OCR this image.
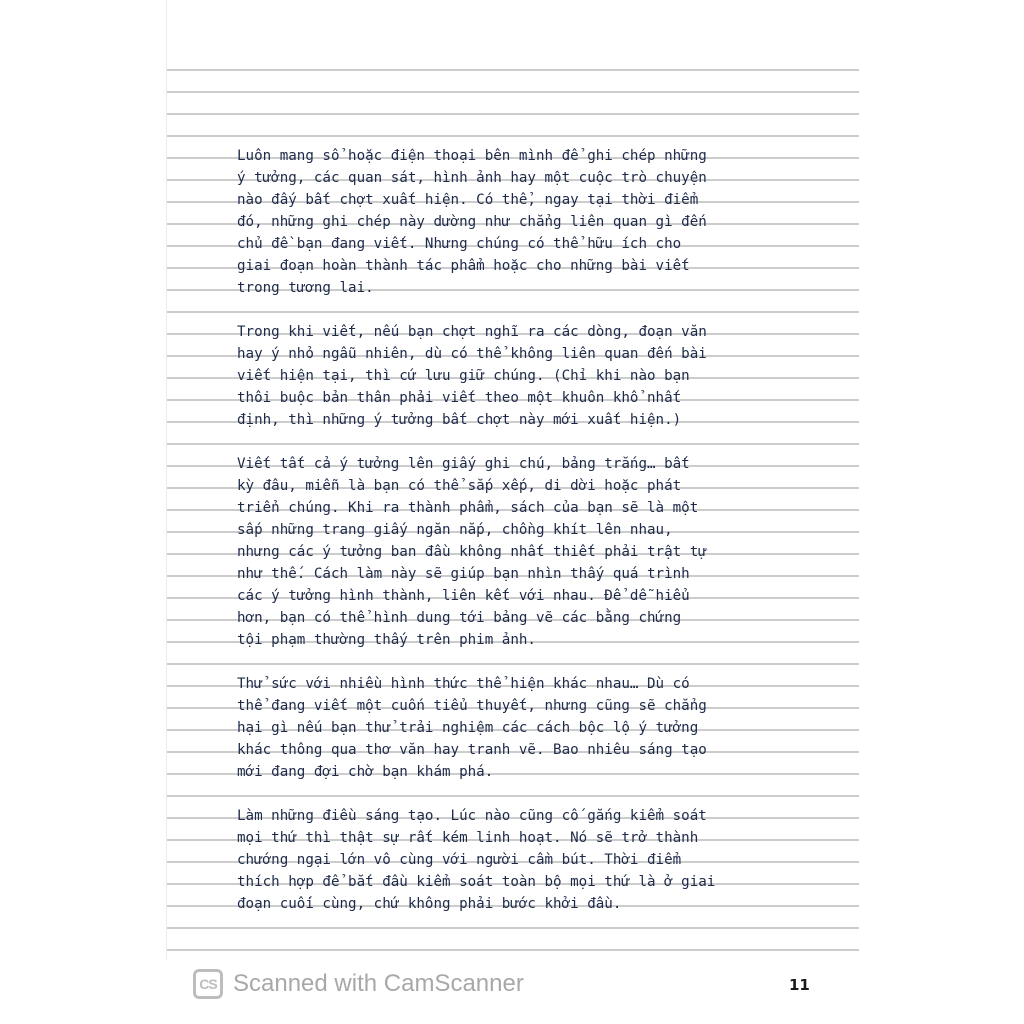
Luôn mang sổ hoặc điện thoại bên mình để ghi chép những
ý tưởng, các quan sát, hình ảnh hay một cuộc trò chuyện
nào đấy bất chợt xuất hiện. Có thể, ngay tại thời điểm
đó, những ghi chép này dường như chẳng liên quan gì đến
chủ đề bạn đang viết. Nhưng chúng có thể hữu ích cho
giai đoạn hoàn thành tác phẩm hoặc cho những bài viết
trong tương lai.
Trong khi viết, nếu bạn chợt nghĩ ra các dòng, đoạn văn
hay ý nhỏ ngẫu nhiên, dù có thể không liên quan đến bài
viết hiện tại, thì cứ lưu giữ chúng. (Chỉ khi nào bạn
thôi buộc bản thân phải viết theo một khuôn khổ nhất
định, thì những ý tưởng bất chợt này mới xuất hiện.)
Viết tất cả ý tưởng lên giấy ghi chú, bảng trắng… bất
kỳ đâu, miễn là bạn có thể sắp xếp, di dời hoặc phát
triển chúng. Khi ra thành phẩm, sách của bạn sẽ là một
sấp những trang giấy ngăn nắp, chồng khít lên nhau,
nhưng các ý tưởng ban đầu không nhất thiết phải trật tự
như thế. Cách làm này sẽ giúp bạn nhìn thấy quá trình
các ý tưởng hình thành, liên kết với nhau. Để dễ hiểu
hơn, bạn có thể hình dung tới bảng vẽ các bằng chứng
tội phạm thường thấy trên phim ảnh.
Thử sức với nhiều hình thức thể hiện khác nhau… Dù có
thể đang viết một cuốn tiểu thuyết, nhưng cũng sẽ chẳng
hại gì nếu bạn thử trải nghiệm các cách bộc lộ ý tưởng
khác thông qua thơ văn hay tranh vẽ. Bao nhiêu sáng tạo
mới đang đợi chờ bạn khám phá.
Làm những điều sáng tạo. Lúc nào cũng cố gắng kiểm soát
mọi thứ thì thật sự rất kém linh hoạt. Nó sẽ trở thành
chướng ngại lớn vô cùng với người cầm bút. Thời điểm
thích hợp để bắt đầu kiểm soát toàn bộ mọi thứ là ở giai
đoạn cuối cùng, chứ không phải bước khởi đầu.
CS Scanned with CamScanner	11
